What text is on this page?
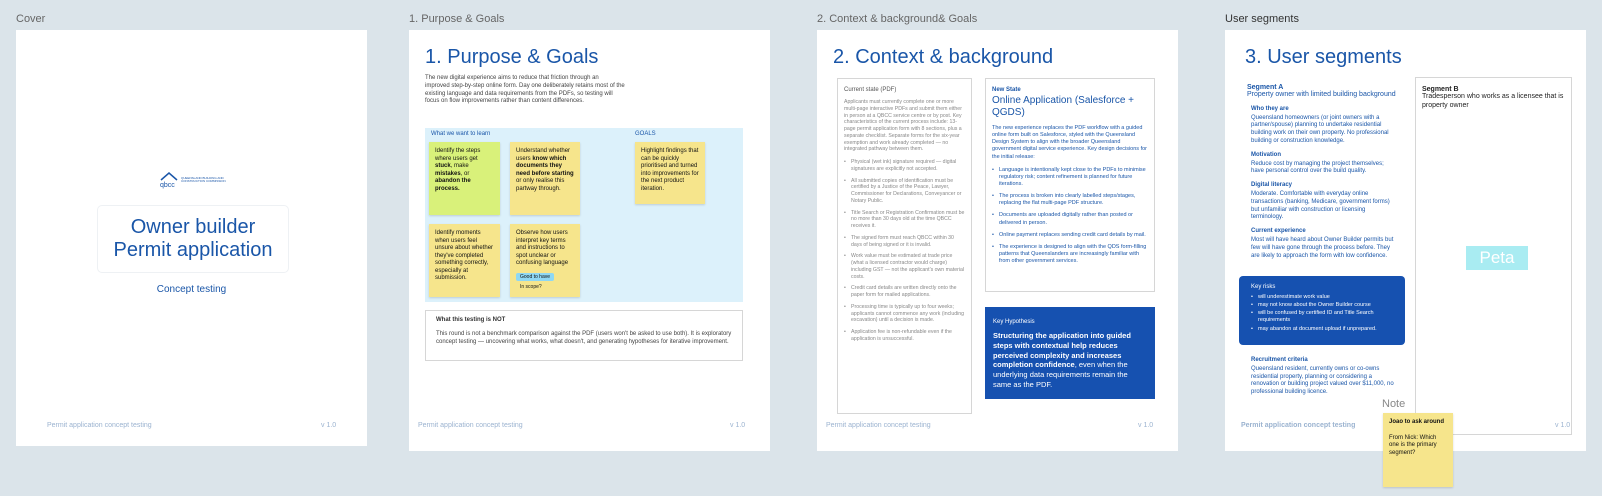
Cover
qbcc
QUEENSLAND BUILDING AND CONSTRUCTION COMMISSION
Owner builder
Permit application
Concept testing
Permit application concept testing	v 1.0
1. Purpose & Goals
1. Purpose & Goals
The new digital experience aims to reduce that friction through an improved step-by-step online form. Day one deliberately retains most of the existing language and data requirements from the PDFs, so testing will focus on flow improvements rather than content differences.
What we want to learn	GOALS
Identify the steps where users get stuck, make mistakes, or abandon the process.
Understand whether users know which documents they need before starting or only realise this partway through.
Highlight findings that can be quickly prioritised and turned into improvements for the next product iteration.
Identify moments when users feel unsure about whether they've completed something correctly, especially at submission.
Observe how users interpret key terms and instructions to spot unclear or confusing language Good to have
In scope?
What this testing is NOT
This round is not a benchmark comparison against the PDF (users won't be asked to use both). It is exploratory concept testing — uncovering what works, what doesn't, and generating hypotheses for iterative improvement.
Permit application concept testing	v 1.0
2. Context & background& Goals
2. Context & background
Current state (PDF)
Applicants must currently complete one or more multi-page interactive PDFs and submit them either in person at a QBCC service centre or by post. Key characteristics of the current process include: 13-page permit application form with 8 sections, plus a separate checklist. Separate forms for the six-year exemption and work already completed — no integrated pathway between them.
• Physical (wet ink) signature required — digital signatures are explicitly not accepted.
• All submitted copies of identification must be certified by a Justice of the Peace, Lawyer, Commissioner for Declarations, Conveyancer or Notary Public.
• Title Search or Registration Confirmation must be no more than 30 days old at the time QBCC receives it.
• The signed form must reach QBCC within 30 days of being signed or it is invalid.
• Work value must be estimated at trade price (what a licensed contractor would charge) including GST — not the applicant's own material costs.
• Credit card details are written directly onto the paper form for mailed applications.
• Processing time is typically up to four weeks; applicants cannot commence any work (including excavation) until a decision is made.
• Application fee is non-refundable even if the application is unsuccessful.
New State
Online Application (Salesforce + QGDS)
The new experience replaces the PDF workflow with a guided online form built on Salesforce, styled with the Queensland Design System to align with the broader Queensland government digital service experience. Key design decisions for the initial release:
• Language is intentionally kept close to the PDFs to minimise regulatory risk; content refinement is planned for future iterations.
• The process is broken into clearly labelled steps/stages, replacing the flat multi-page PDF structure.
• Documents are uploaded digitally rather than posted or delivered in person.
• Online payment replaces sending credit card details by mail.
• The experience is designed to align with the QDS form-filling patterns that Queenslanders are increasingly familiar with from other government services.
Key Hypothesis
Structuring the application into guided steps with contextual help reduces perceived complexity and increases completion confidence, even when the underlying data requirements remain the same as the PDF.
Permit application concept testing	v 1.0
User segments
3. User segments
Segment A
Property owner with limited building background
Who they are
Queensland homeowners (or joint owners with a partner/spouse) planning to undertake residential building work on their own property. No professional building or construction knowledge.
Motivation
Reduce cost by managing the project themselves; have personal control over the build quality.
Digital literacy
Moderate. Comfortable with everyday online transactions (banking, Medicare, government forms) but unfamiliar with construction or licensing terminology.
Current experience
Most will have heard about Owner Builder permits but few will have gone through the process before. They are likely to approach the form with low confidence.
Key risks
• will underestimate work value
• may not know about the Owner Builder course
• will be confused by certified ID and Title Search requirements
• may abandon at document upload if unprepared.
Recruitment criteria
Queensland resident, currently owns or co-owns residential property, planning or considering a renovation or building project valued over $11,000, no professional building licence.
Segment B
Tradesperson who works as a licensee that is property owner
Peta
Permit application concept testing	v 1.0
Note
Joao to ask around
From Nick: Which one is the primary segment?
